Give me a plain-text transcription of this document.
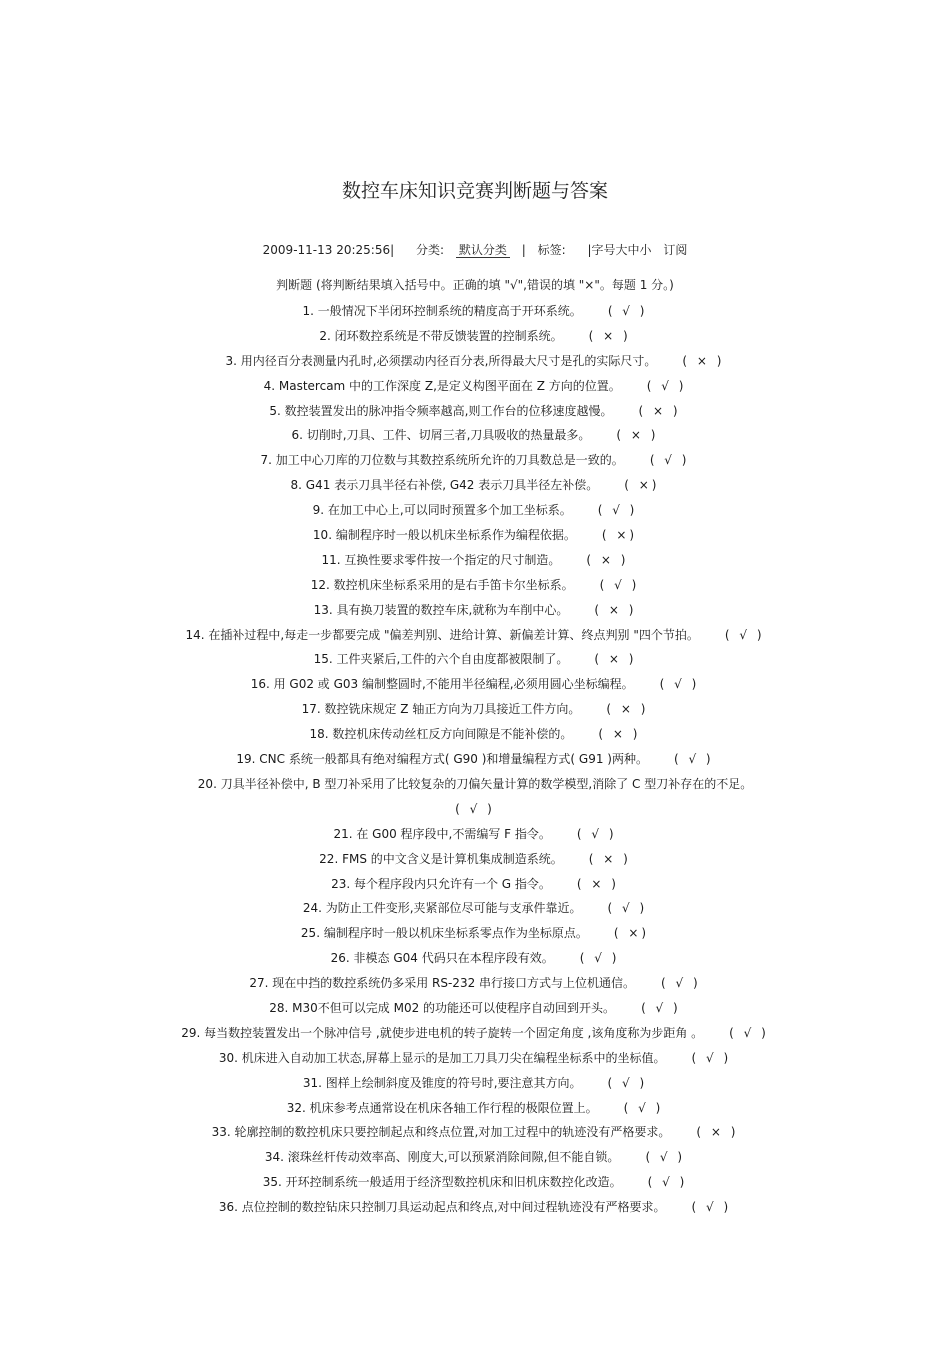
数控车床知识竞赛判断题与答案
2009-11-13 20:25:56| 分类: 默认分类 | 标签: |字号大中小 订阅
判断题 (将判断结果填入括号中。正确的填 "√",错误的填 "×"。每题 1 分。)
1. 一般情况下半闭环控制系统的精度高于开环系统。 ( √ )
2. 闭环数控系统是不带反馈装置的控制系统。 ( × )
3. 用内径百分表测量内孔时,必须摆动内径百分表,所得最大尺寸是孔的实际尺寸。 ( × )
4. Mastercam 中的工作深度 Z,是定义构图平面在 Z 方向的位置。 ( √ )
5. 数控装置发出的脉冲指令频率越高,则工作台的位移速度越慢。 ( × )
6. 切削时,刀具、工件、切屑三者,刀具吸收的热量最多。 ( × )
7. 加工中心刀库的刀位数与其数控系统所允许的刀具数总是一致的。 ( √ )
8. G41 表示刀具半径右补偿, G42 表示刀具半径左补偿。 ( ×)
9. 在加工中心上,可以同时预置多个加工坐标系。 ( √ )
10. 编制程序时一般以机床坐标系作为编程依据。 ( ×)
11. 互换性要求零件按一个指定的尺寸制造。 ( × )
12. 数控机床坐标系采用的是右手笛卡尔坐标系。 ( √ )
13. 具有换刀装置的数控车床,就称为车削中心。 ( × )
14. 在插补过程中,每走一步都要完成 "偏差判别、进给计算、新偏差计算、终点判别 "四个节拍。 ( √ )
15. 工件夹紧后,工件的六个自由度都被限制了。 ( × )
16. 用 G02 或 G03 编制整圆时,不能用半径编程,必须用圆心坐标编程。 ( √ )
17. 数控铣床规定 Z 轴正方向为刀具接近工件方向。 ( × )
18. 数控机床传动丝杠反方向间隙是不能补偿的。 ( × )
19. CNC 系统一般都具有绝对编程方式( G90 )和增量编程方式( G91 )两种。 ( √ )
20. 刀具半径补偿中, B 型刀补采用了比较复杂的刀偏矢量计算的数学模型,消除了 C 型刀补存在的不足。
( √ )
21. 在 G00 程序段中,不需编写 F 指令。 ( √ )
22. FMS 的中文含义是计算机集成制造系统。 ( × )
23. 每个程序段内只允许有一个 G 指令。 ( × )
24. 为防止工件变形,夹紧部位尽可能与支承件靠近。 ( √ )
25. 编制程序时一般以机床坐标系零点作为坐标原点。 ( ×)
26. 非模态 G04 代码只在本程序段有效。 ( √ )
27. 现在中挡的数控系统仍多采用 RS-232 串行接口方式与上位机通信。 ( √ )
28. M30不但可以完成 M02 的功能还可以使程序自动回到开头。 ( √ )
29. 每当数控装置发出一个脉冲信号 ,就使步进电机的转子旋转一个固定角度 ,该角度称为步距角 。 ( √ )
30. 机床进入自动加工状态,屏幕上显示的是加工刀具刀尖在编程坐标系中的坐标值。 ( √ )
31. 图样上绘制斜度及锥度的符号时,要注意其方向。 ( √ )
32. 机床参考点通常设在机床各轴工作行程的极限位置上。 ( √ )
33. 轮廓控制的数控机床只要控制起点和终点位置,对加工过程中的轨迹没有严格要求。 ( × )
34. 滚珠丝杆传动效率高、刚度大,可以预紧消除间隙,但不能自锁。 ( √ )
35. 开环控制系统一般适用于经济型数控机床和旧机床数控化改造。 ( √ )
36. 点位控制的数控钻床只控制刀具运动起点和终点,对中间过程轨迹没有严格要求。 ( √ )
